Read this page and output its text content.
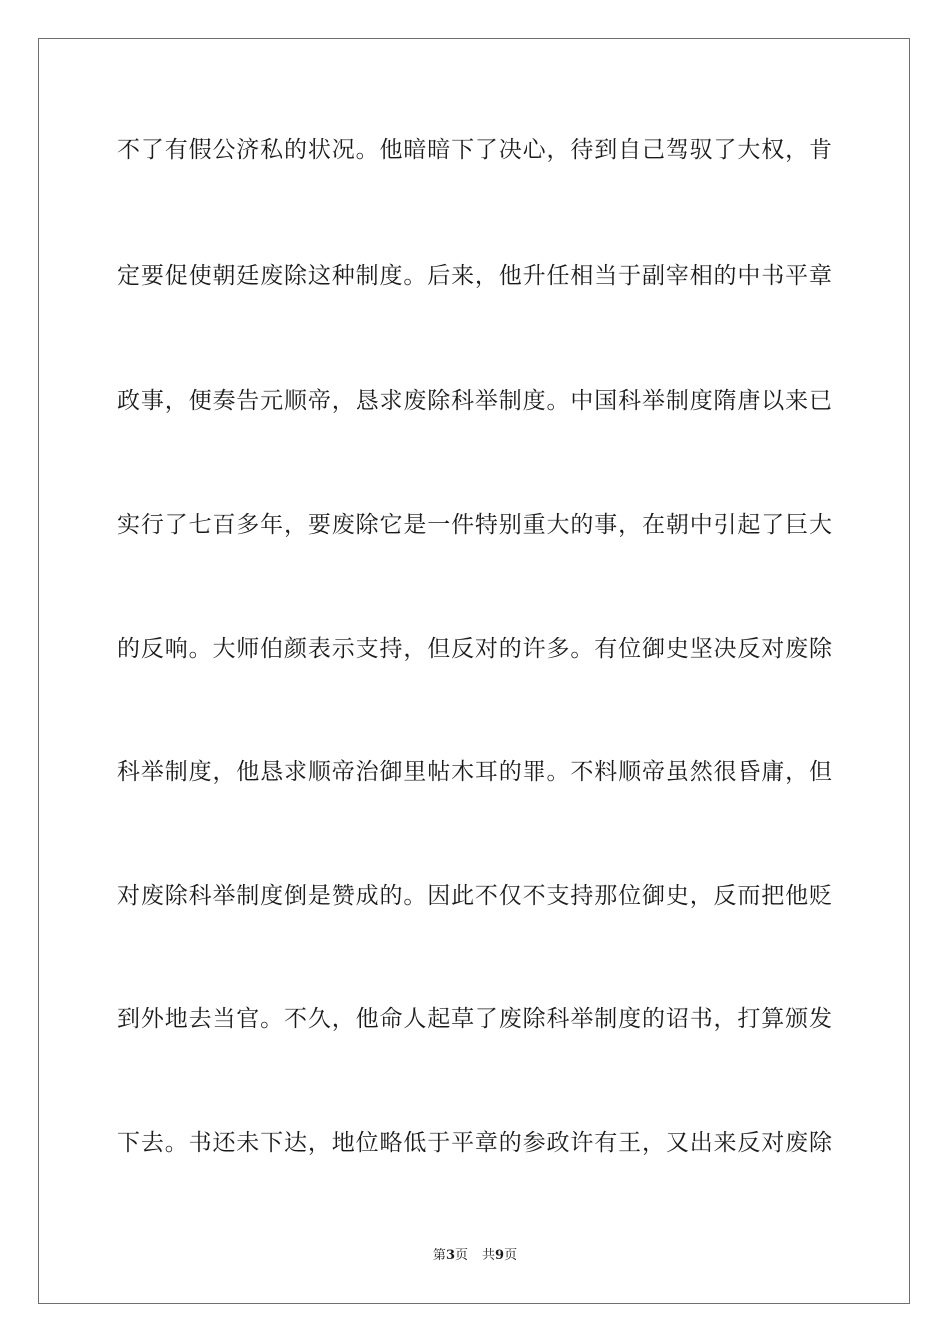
不了有假公济私的状况。他暗暗下了决心，待到自己驾驭了大权，肯
定要促使朝廷废除这种制度。后来，他升任相当于副宰相的中书平章
政事，便奏告元顺帝，恳求废除科举制度。中国科举制度隋唐以来已
实行了七百多年，要废除它是一件特别重大的事，在朝中引起了巨大
的反响。大师伯颜表示支持，但反对的许多。有位御史坚决反对废除
科举制度，他恳求顺帝治御里帖木耳的罪。不料顺帝虽然很昏庸，但
对废除科举制度倒是赞成的。因此不仅不支持那位御史，反而把他贬
到外地去当官。不久，他命人起草了废除科举制度的诏书，打算颁发
下去。书还未下达，地位略低于平章的参政许有王，又出来反对废除
第3页 共9页
